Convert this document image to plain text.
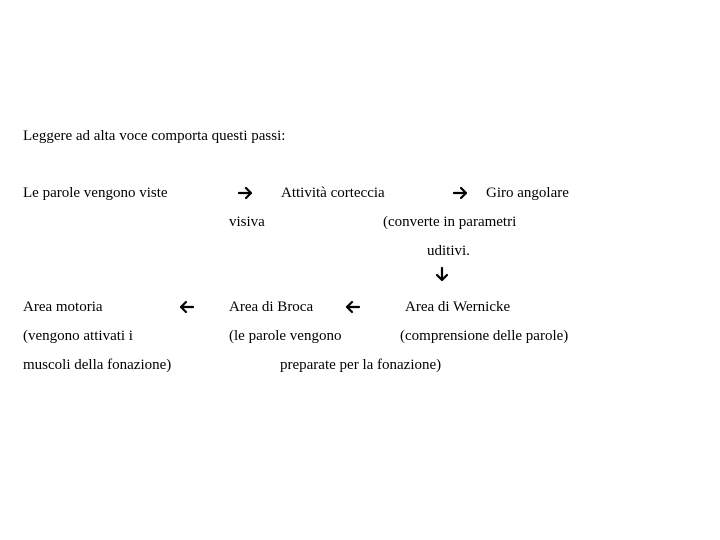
Leggere ad alta voce comporta questi passi:
Le parole vengono viste	Attività corteccia
visiva
Giro angolare
(converte in parametri
uditivi.
Area motoria
(vengono attivati i
muscoli della fonazione)
Area di Broca
(le parole vengono
preparate per la fonazione)
Area di Wernicke
(comprensione delle parole)
